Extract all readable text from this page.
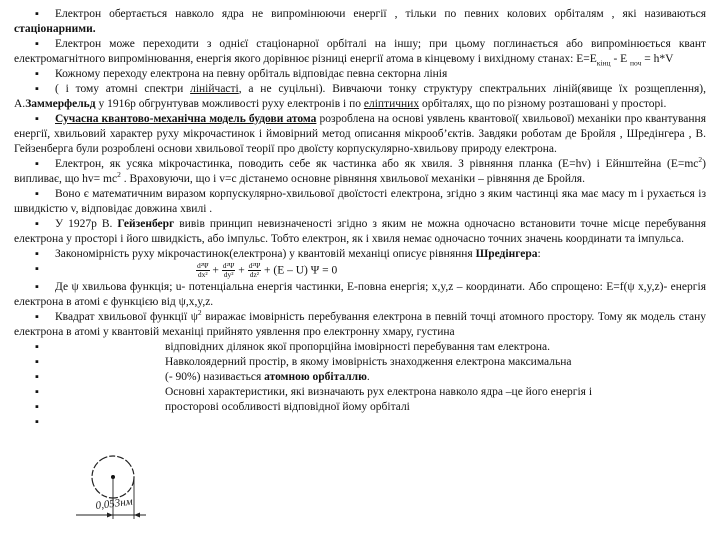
▪ Електрон обертається навколо ядра не випромінюючи енергії , тільки по певних колових орбіталям , які називаються стаціонарними.
▪ Електрон може переходити з однієї стаціонарної орбіталі на іншу; при цьому поглинається або випромінюється квант електромагнітного випромінювання, енергія якого дорівнює різниці енергії атома в кінцевому і вихідному станах: $Е=Е_{кінц} - Е$ $_{поч}$ = h*V
▪ Кожному переходу електрона на певну орбіталь відповідає певна секторна лінія
▪ ( і тому атомні спектри лінійчасті, а не суцільні). Вивчаючи тонку структуру спектральних ліній(явище їх розщеплення), А.Заммерфельд у 1916р обгрунтував можливості руху електронів і по еліптичних орбіталях, що по різному розташовані у просторі.
▪ Сучасна квантово-механічна модель будови атома розроблена на основі уявлень квантової( хвильової) механіки про квантування енергії, хвильовий характер руху мікрочастинок і ймовірний метод описання мікрооб’єктів. Завдяки роботам де Бройля , Шредінгера , В. Гейзенберга були розроблені основи хвильової теорії про двоїсту корпускулярно-хвильову природу електрона.
▪ Електрон, як усяка мікрочастинка, поводить себе як частинка або як хвиля. З рівняння планка (Е=hv) і Ейнштейна $(Е=mc^2)$ випливає, що $hv= mc^2$ . Враховуючи, що і v=c дістанемо основне рівняння хвильової механіки – рівняння де Бройля.
▪ Воно є математичним виразом корпускулярно-хвильової двоїстості електрона, згідно з яким частинці яка має масу m і рухається із швидкістю v, відповідає довжина хвилі .
▪ У 1927р В. Гейзенберг вивів принцип невизначеності згідно з яким не можна одночасно встановити точне місце перебування електрона у просторі і його швидкість, або імпульс. Тобто електрон, як і хвиля немає одночасно точних значень координати та імпульса.
▪ Закономірність руху мікрочастинок(електрона) у квантовій механіці описує рівняння Шредінгера:
▪	$\frac{\text{d²Ψ}}{\text{dx²}} + \frac{\text{d²Ψ}}{\text{dy²}} + \frac{\text{d²Ψ}}{\text{dz²}} + (Е - U) \Psi = 0$
▪ Де ψ хвильова функція; u- потенціальна енергія частинки, Е-повна енергія; x,y,z – координати. Або спрощено: Е=f(ψ x,y,z)- енергія електрона в атомі є функцією від ψ,x,y,z.
▪ Квадрат хвильової функції $\psi^2$ виражає імовірність перебування електрона в певній точці атомного простору. Тому як модель стану електрона в атомі у квантовій механіці прийнято уявлення про електронну хмару, густина
▪	відповідних ділянок якої пропорційна імовірності перебування там електрона.
▪	Навколоядерний простір, в якому імовірність знаходження електрона максимальна
▪	(- 90%) називається атомною орбіталлю.
▪	Основні характеристики, які визначають рух електрона навколо ядра –це його енергія і
▪	просторові особливості відповідної йому орбіталі
▪
0,053нм
